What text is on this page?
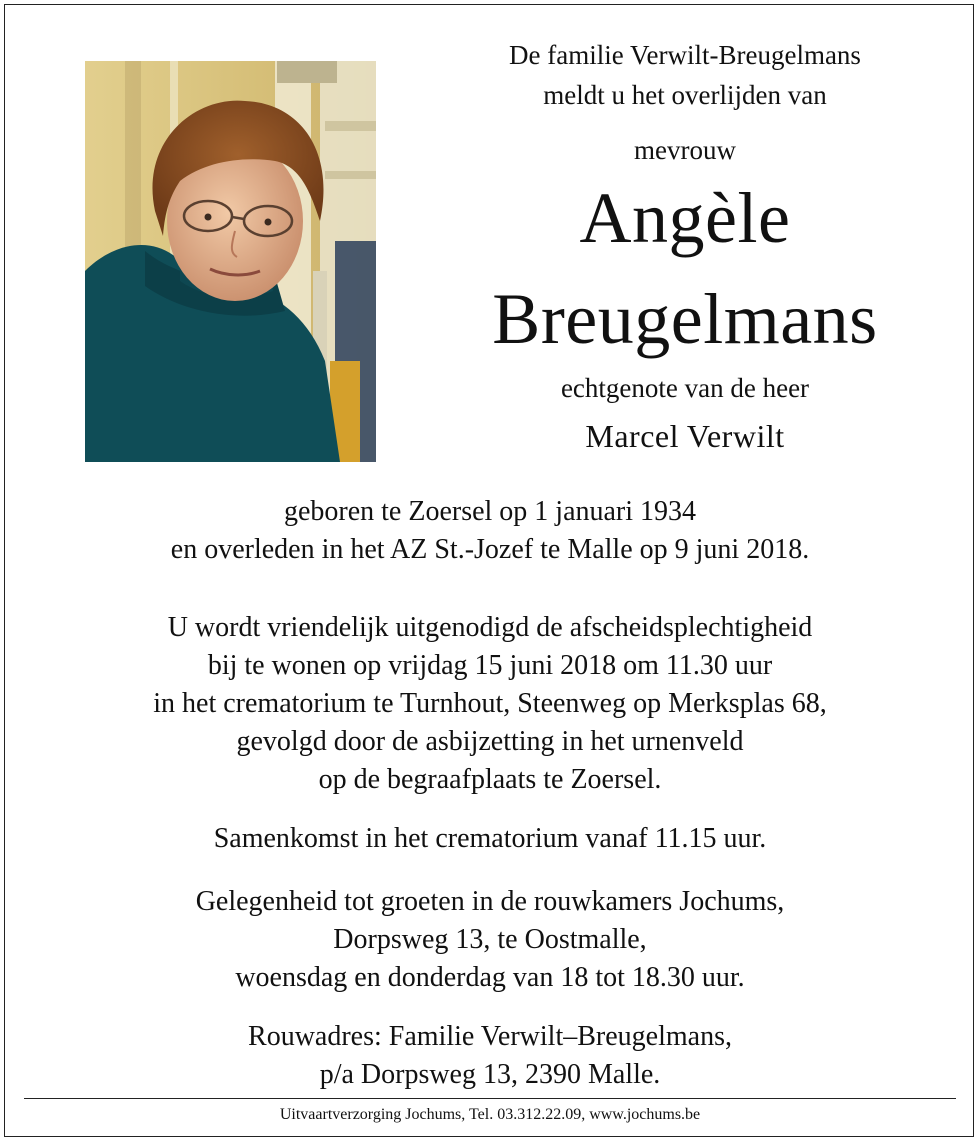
De familie Verwilt-Breugelmans
meldt u het overlijden van
mevrouw
Angèle
Breugelmans
echtgenote van de heer
Marcel Verwilt
geboren te Zoersel op 1 januari 1934
en overleden in het AZ St.-Jozef te Malle op 9 juni 2018.
U wordt vriendelijk uitgenodigd de afscheidsplechtigheid
bij te wonen op vrijdag 15 juni 2018 om 11.30 uur
in het crematorium te Turnhout, Steenweg op Merksplas 68,
gevolgd door de asbijzetting in het urnenveld
op de begraafplaats te Zoersel.
Samenkomst in het crematorium vanaf 11.15 uur.
Gelegenheid tot groeten in de rouwkamers Jochums,
Dorpsweg 13, te Oostmalle,
woensdag en donderdag van 18 tot 18.30 uur.
Rouwadres: Familie Verwilt–Breugelmans,
p/a Dorpsweg 13, 2390 Malle.
Uitvaartverzorging Jochums, Tel. 03.312.22.09, www.jochums.be
